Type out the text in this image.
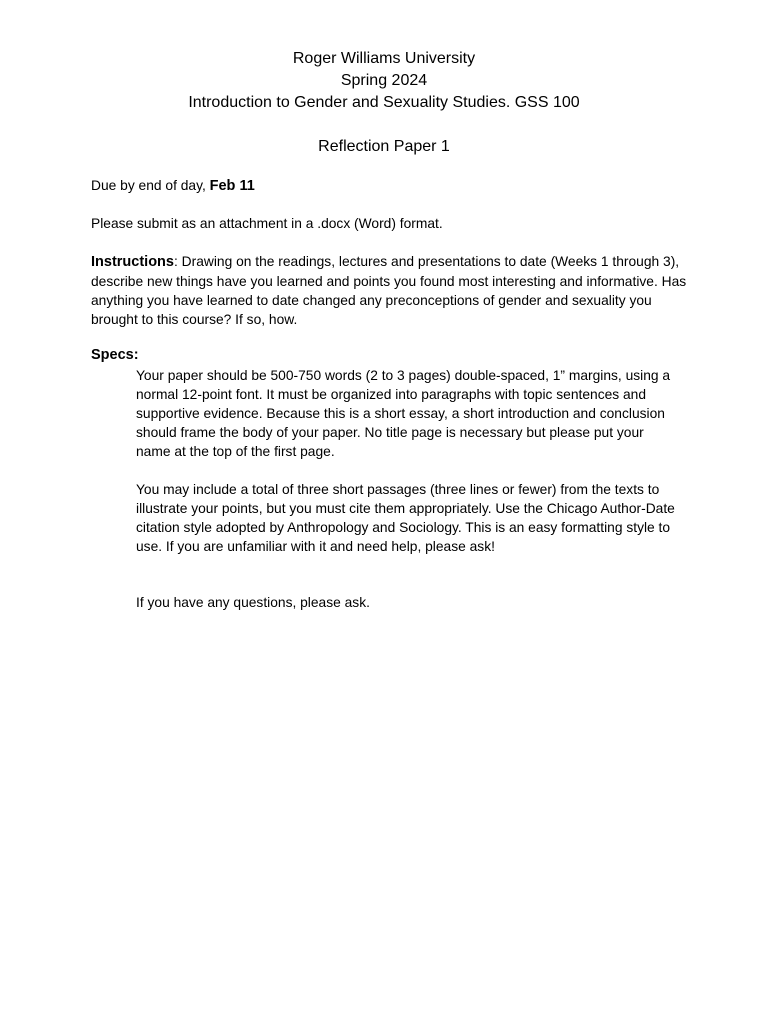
Roger Williams University
Spring 2024
Introduction to Gender and Sexuality Studies. GSS 100
Reflection Paper 1
Due by end of day, Feb 11
Please submit as an attachment in a .docx (Word) format.
Instructions: Drawing on the readings, lectures and presentations to date (Weeks 1 through 3), describe new things have you learned and points you found most interesting and informative. Has anything you have learned to date changed any preconceptions of gender and sexuality you brought to this course? If so, how.
Specs:
Your paper should be 500-750 words (2 to 3 pages) double-spaced, 1” margins, using a normal 12-point font. It must be organized into paragraphs with topic sentences and supportive evidence. Because this is a short essay, a short introduction and conclusion should frame the body of your paper. No title page is necessary but please put your name at the top of the first page.
You may include a total of three short passages (three lines or fewer) from the texts to illustrate your points, but you must cite them appropriately. Use the Chicago Author-Date citation style adopted by Anthropology and Sociology. This is an easy formatting style to use. If you are unfamiliar with it and need help, please ask!
If you have any questions, please ask.
